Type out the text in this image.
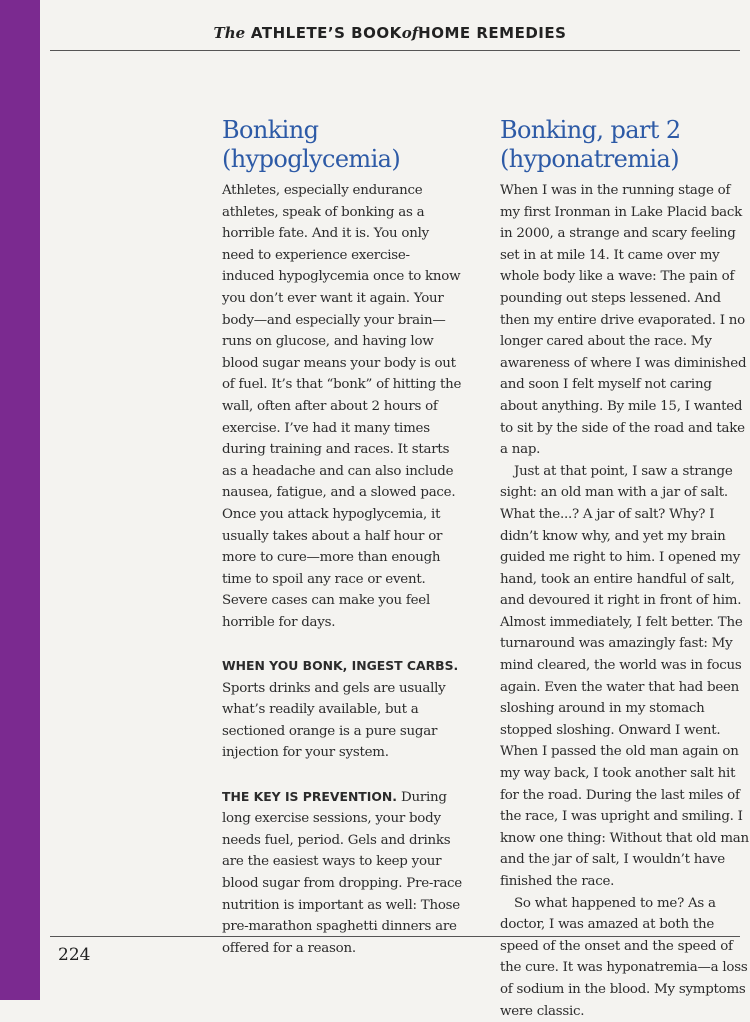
The ATHLETE’S BOOKofHOME REMEDIES
Bonking
(hypoglycemia)

Athletes, especially endurance athletes, speak of bonking as a horrible fate. And it is. You only need to experience exercise-induced hypoglycemia once to know you don’t ever want it again. Your body—and especially your brain—runs on glucose, and having low blood sugar means your body is out of fuel. It’s that “bonk” of hitting the wall, often after about 2 hours of exercise. I’ve had it many times during training and races. It starts as a headache and can also include nausea, fatigue, and a slowed pace. Once you attack hypoglycemia, it usually takes about a half hour or more to cure—more than enough time to spoil any race or event. Severe cases can make you feel horrible for days.

WHEN YOU BONK, INGEST CARBS. Sports drinks and gels are usually what’s readily available, but a sectioned orange is a pure sugar injection for your system.

THE KEY IS PREVENTION. During long exercise sessions, your body needs fuel, period. Gels and drinks are the easiest ways to keep your blood sugar from dropping. Pre-race nutrition is important as well: Those pre-marathon spaghetti dinners are offered for a reason.

Bonking, part 2
(hyponatremia)

When I was in the running stage of my first Ironman in Lake Placid back in 2000, a strange and scary feeling set in at mile 14. It came over my whole body like a wave: The pain of pounding out steps lessened. And then my entire drive evaporated. I no longer cared about the race. My awareness of where I was diminished and soon I felt myself not caring about anything. By mile 15, I wanted to sit by the side of the road and take a nap.

Just at that point, I saw a strange sight: an old man with a jar of salt. What the...? A jar of salt? Why? I didn’t know why, and yet my brain guided me right to him. I opened my hand, took an entire handful of salt, and devoured it right in front of him. Almost immediately, I felt better. The turnaround was amazingly fast: My mind cleared, the world was in focus again. Even the water that had been sloshing around in my stomach stopped sloshing. Onward I went. When I passed the old man again on my way back, I took another salt hit for the road. During the last miles of the race, I was upright and smiling. I know one thing: Without that old man and the jar of salt, I wouldn’t have finished the race.

So what happened to me? As a doctor, I was amazed at both the speed of the onset and the speed of the cure. It was hyponatremia—a loss of sodium in the blood. My symptoms were classic.

224
